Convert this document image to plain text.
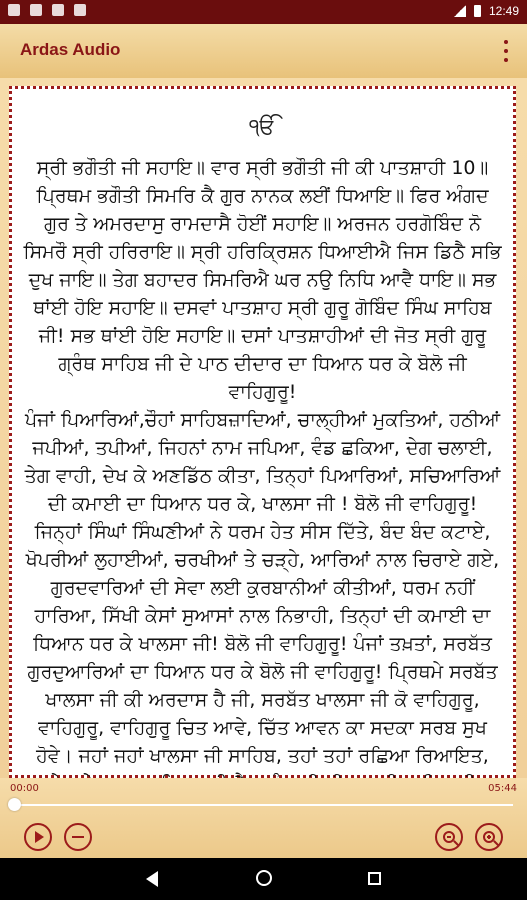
12:49
Ardas Audio
ੴ

ਸ੍ਰੀ ਭਗੌਤੀ ਜੀ ਸਹਾਇ॥ ਵਾਰ ਸ੍ਰੀ ਭਗੌਤੀ ਜੀ ਕੀ ਪਾਤਸ਼ਾਹੀ 10॥ ਪ੍ਰਿਥਮ ਭਗੌਤੀ ਸਿਮਰਿ ਕੈ ਗੁਰ ਨਾਨਕ ਲਈਂ ਧਿਆਇ॥ ਫਿਰ ਅੰਗਦ ਗੁਰ ਤੇ ਅਮਰਦਾਸੁ ਰਾਮਦਾਸੈ ਹੋਈਂ ਸਹਾਇ॥ ਅਰਜਨ ਹਰਗੋਬਿੰਦ ਨੋ ਸਿਮਰੌ ਸ੍ਰੀ ਹਰਿਰਾਇ॥ ਸ੍ਰੀ ਹਰਿਕ੍ਰਿਸ਼ਨ ਧਿਆਈਐ ਜਿਸ ਡਿਠੈ ਸਭਿ ਦੁਖ ਜਾਇ॥ ਤੇਗ ਬਹਾਦਰ ਸਿਮਰਿਐ ਘਰ ਨਉ ਨਿਧਿ ਆਵੈ ਧਾਇ॥ ਸਭ ਥਾਂਈ ਹੋਇ ਸਹਾਇ॥ ਦਸਵਾਂ ਪਾਤਸ਼ਾਹ ਸ੍ਰੀ ਗੁਰੂ ਗੋਬਿੰਦ ਸਿੰਘ ਸਾਹਿਬ ਜੀ! ਸਭ ਥਾਂਈ ਹੋਇ ਸਹਾਇ॥ ਦਸਾਂ ਪਾਤਸ਼ਾਹੀਆਂ ਦੀ ਜੋਤ ਸ੍ਰੀ ਗੁਰੂ ਗ੍ਰੰਥ ਸਾਹਿਬ ਜੀ ਦੇ ਪਾਠ ਦੀਦਾਰ ਦਾ ਧਿਆਨ ਧਰ ਕੇ ਬੋਲੋ ਜੀ ਵਾਹਿਗੁਰੂ!

ਪੰਜਾਂ ਪਿਆਰਿਆਂ,ਚੌਹਾਂ ਸਾਹਿਬਜ਼ਾਦਿਆਂ, ਚਾਲ੍ਹੀਆਂ ਮੁਕਤਿਆਂ, ਹਠੀਆਂ ਜਪੀਆਂ, ਤਪੀਆਂ, ਜਿਹਨਾਂ ਨਾਮ ਜਪਿਆ, ਵੰਡ ਛਕਿਆ, ਦੇਗ ਚਲਾਈ, ਤੇਗ ਵਾਹੀ, ਦੇਖ ਕੇ ਅਣਡਿੱਠ ਕੀਤਾ, ਤਿਨ੍ਹਾਂ ਪਿਆਰਿਆਂ, ਸਚਿਆਰਿਆਂ ਦੀ ਕਮਾਈ ਦਾ ਧਿਆਨ ਧਰ ਕੇ, ਖਾਲਸਾ ਜੀ ! ਬੋਲੋ ਜੀ ਵਾਹਿਗੁਰੂ!

ਜਿਨ੍ਹਾਂ ਸਿੰਘਾਂ ਸਿੰਘਣੀਆਂ ਨੇ ਧਰਮ ਹੇਤ ਸੀਸ ਦਿੱਤੇ, ਬੰਦ ਬੰਦ ਕਟਾਏ, ਖੋਪਰੀਆਂ ਲੁਹਾਈਆਂ, ਚਰਖੀਆਂ ਤੇ ਚੜ੍ਹੇ, ਆਰਿਆਂ ਨਾਲ ਚਿਰਾਏ ਗਏ, ਗੁਰਦਵਾਰਿਆਂ ਦੀ ਸੇਵਾ ਲਈ ਕੁਰਬਾਨੀਆਂ ਕੀਤੀਆਂ, ਧਰਮ ਨਹੀਂ ਹਾਰਿਆ, ਸਿੱਖੀ ਕੇਸਾਂ ਸੁਆਸਾਂ ਨਾਲ ਨਿਭਾਹੀ, ਤਿਨ੍ਹਾਂ ਦੀ ਕਮਾਈ ਦਾ ਧਿਆਨ ਧਰ ਕੇ ਖਾਲਸਾ ਜੀ! ਬੋਲੋ ਜੀ ਵਾਹਿਗੁਰੂ! ਪੰਜਾਂ ਤਖ਼ਤਾਂ, ਸਰਬੱਤ ਗੁਰਦੁਆਰਿਆਂ ਦਾ ਧਿਆਨ ਧਰ ਕੇ ਬੋਲੋ ਜੀ ਵਾਹਿਗੁਰੂ! ਪ੍ਰਿਥਮੇ ਸਰਬੱਤ ਖਾਲਸਾ ਜੀ ਕੀ ਅਰਦਾਸ ਹੈ ਜੀ, ਸਰਬੱਤ ਖਾਲਸਾ ਜੀ ਕੋ ਵਾਹਿਗੁਰੂ, ਵਾਹਿਗੁਰੂ, ਵਾਹਿਗੁਰੂ ਚਿਤ ਆਵੇ, ਚਿੱਤ ਆਵਨ ਕਾ ਸਦਕਾ ਸਰਬ ਸੁਖ ਹੋਵੇ। ਜਹਾਂ ਜਹਾਂ ਖਾਲਸਾ ਜੀ ਸਾਹਿਬ, ਤਹਾਂ ਤਹਾਂ ਰਛਿਆ ਰਿਆਇਤ,

00:00	05:44
